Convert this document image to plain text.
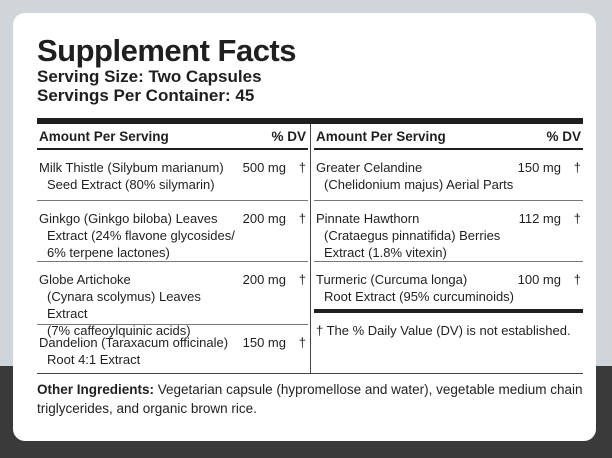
Supplement Facts
Serving Size: Two Capsules
Servings Per Container: 45
Amount Per Serving	% DV
Milk Thistle (Silybum marianum)
Seed Extract (80% silymarin)
500 mg †
Ginkgo (Ginkgo biloba) Leaves
Extract (24% flavone glycosides/
6% terpene lactones)
200 mg †
Globe Artichoke
(Cynara scolymus) Leaves Extract
(7% caffeoylquinic acids)
200 mg †
Dandelion (Taraxacum officinale)
Root 4:1 Extract
150 mg †
Amount Per Serving	% DV
Greater Celandine
(Chelidonium majus) Aerial Parts
150 mg †
Pinnate Hawthorn
(Crataegus pinnatifida) Berries
Extract (1.8% vitexin)
112 mg †
Turmeric (Curcuma longa)
Root Extract (95% curcuminoids)
100 mg †
† The % Daily Value (DV) is not established.
Other Ingredients: Vegetarian capsule (hypromellose and water), vegetable medium chain triglycerides, and organic brown rice.
